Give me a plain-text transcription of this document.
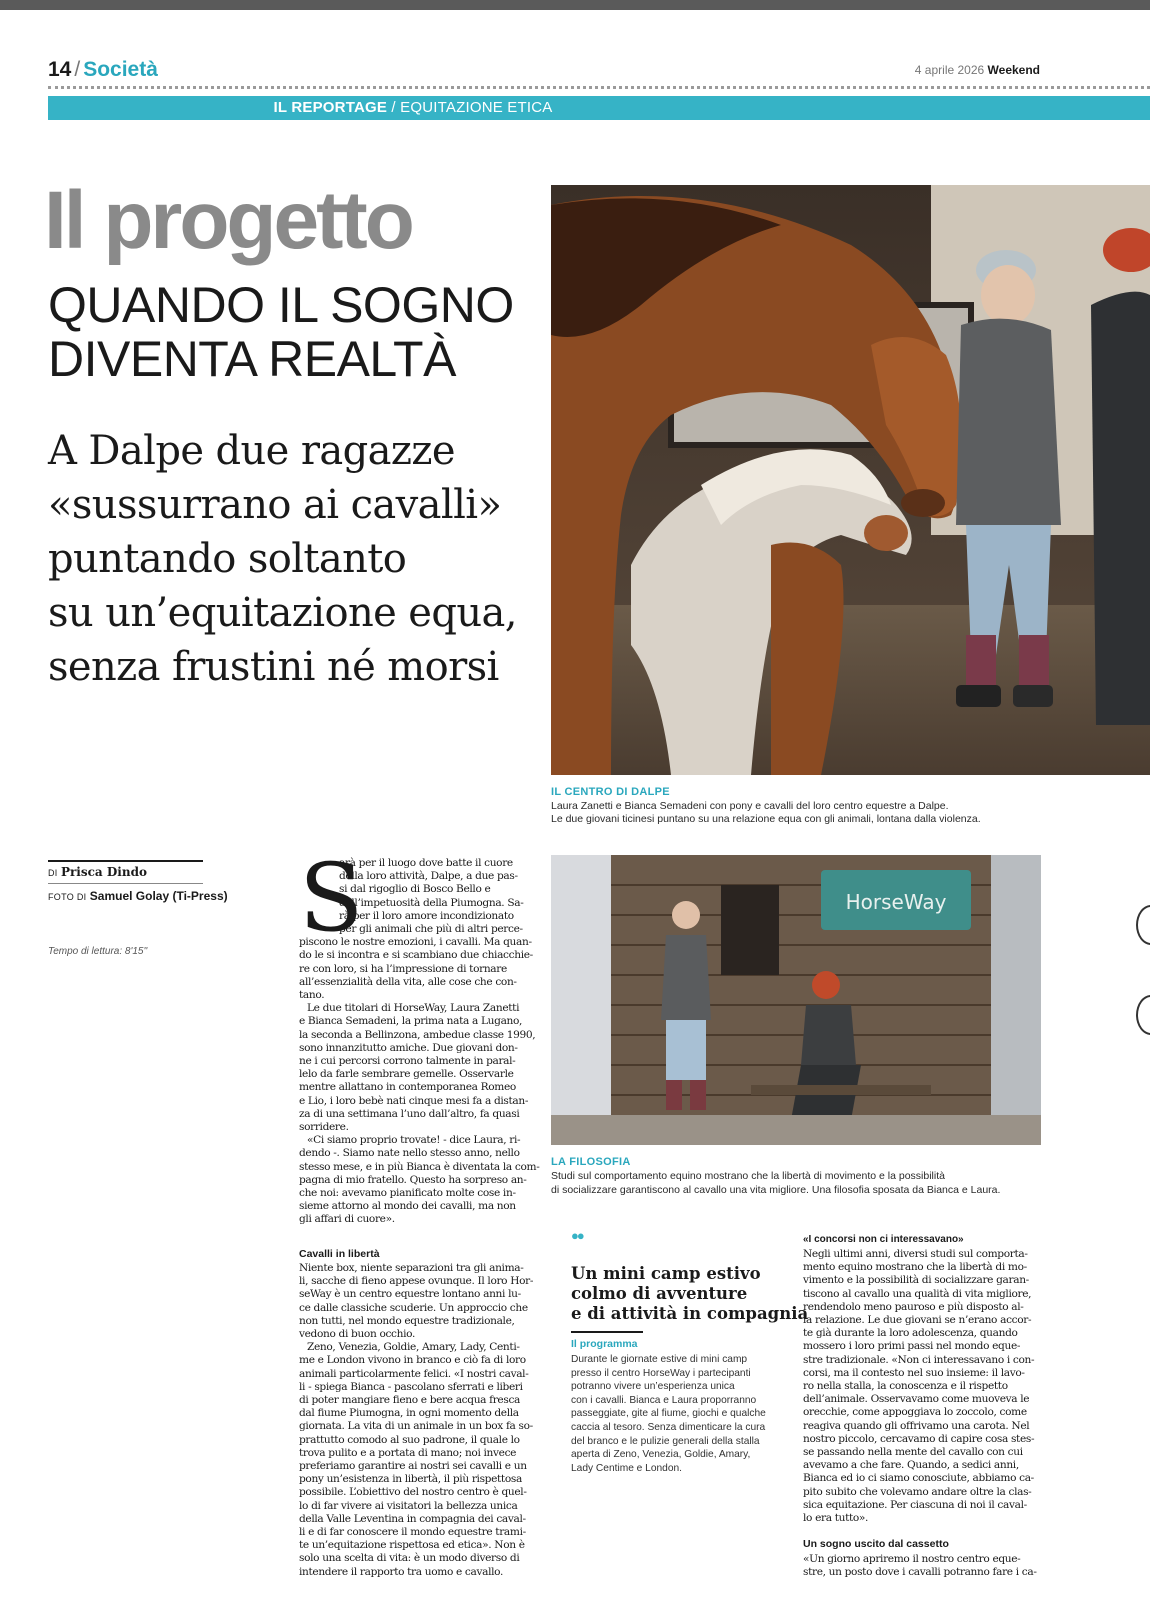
14 / Società	4 aprile 2026 Weekend
IL REPORTAGE / EQUITAZIONE ETICA
Il progetto
QUANDO IL SOGNO
DIVENTA REALTÀ
A Dalpe due ragazze
«sussurrano ai cavalli»
puntando soltanto
su un’equitazione equa,
senza frustini né morsi
IL CENTRO DI DALPE
Laura Zanetti e Bianca Semadeni con pony e cavalli del loro centro equestre a Dalpe.
Le due giovani ticinesi puntano su una relazione equa con gli animali, lontana dalla violenza.
DI Prisca Dindo
FOTO DI Samuel Golay (Ti-Press)
Tempo di lettura: 8'15'' S
arà per il luogo dove batte il cuore
della loro attività, Dalpe, a due pas-
si dal rigoglio di Bosco Bello e
dall’impetuosità della Piumogna. Sa-
rà per il loro amore incondizionato
per gli animali che più di altri perce-
piscono le nostre emozioni, i cavalli. Ma quan-
do le si incontra e si scambiano due chiacchie-
re con loro, si ha l’impressione di tornare
all’essenzialità della vita, alle cose che con-
tano.
Le due titolari di HorseWay, Laura Zanetti
e Bianca Semadeni, la prima nata a Lugano,
la seconda a Bellinzona, ambedue classe 1990,
sono innanzitutto amiche. Due giovani don-
ne i cui percorsi corrono talmente in paral-
lelo da farle sembrare gemelle. Osservarle
mentre allattano in contemporanea Romeo
e Lio, i loro bebè nati cinque mesi fa a distan-
za di una settimana l’uno dall’altro, fa quasi
sorridere.
«Ci siamo proprio trovate! - dice Laura, ri-
dendo -. Siamo nate nello stesso anno, nello
stesso mese, e in più Bianca è diventata la com-
pagna di mio fratello. Questo ha sorpreso an-
che noi: avevamo pianificato molte cose in-
sieme attorno al mondo dei cavalli, ma non
gli affari di cuore».
Cavalli in libertà
Niente box, niente separazioni tra gli anima-
li, sacche di fieno appese ovunque. Il loro Hor-
seWay è un centro equestre lontano anni lu-
ce dalle classiche scuderie. Un approccio che
non tutti, nel mondo equestre tradizionale,
vedono di buon occhio.
Zeno, Venezia, Goldie, Amary, Lady, Centi-
me e London vivono in branco e ciò fa di loro
animali particolarmente felici. «I nostri caval-
li - spiega Bianca - pascolano sferrati e liberi
di poter mangiare fieno e bere acqua fresca
dal fiume Piumogna, in ogni momento della
giornata. La vita di un animale in un box fa so-
prattutto comodo al suo padrone, il quale lo
trova pulito e a portata di mano; noi invece
preferiamo garantire ai nostri sei cavalli e un
pony un’esistenza in libertà, il più rispettosa
possibile. L’obiettivo del nostro centro è quel-
lo di far vivere ai visitatori la bellezza unica
della Valle Leventina in compagnia dei caval-
li e di far conoscere il mondo equestre trami-
te un’equitazione rispettosa ed etica». Non è
solo una scelta di vita: è un modo diverso di
intendere il rapporto tra uomo e cavallo.
HorseWay
LA FILOSOFIA
Studi sul comportamento equino mostrano che la libertà di movimento e la possibilità
di socializzare garantiscono al cavallo una vita migliore. Una filosofia sposata da Bianca e Laura.
●●
Un mini camp estivo
colmo di avventure
e di attività in compagnia
Il programma
Durante le giornate estive di mini camp
presso il centro HorseWay i partecipanti
potranno vivere un’esperienza unica
con i cavalli. Bianca e Laura proporranno
passeggiate, gite al fiume, giochi e qualche
caccia al tesoro. Senza dimenticare la cura
del branco e le pulizie generali della stalla
aperta di Zeno, Venezia, Goldie, Amary,
Lady Centime e London.
«I concorsi non ci interessavano»
Negli ultimi anni, diversi studi sul comporta-
mento equino mostrano che la libertà di mo-
vimento e la possibilità di socializzare garan-
tiscono al cavallo una qualità di vita migliore,
rendendolo meno pauroso e più disposto al-
la relazione. Le due giovani se n’erano accor-
te già durante la loro adolescenza, quando
mossero i loro primi passi nel mondo eque-
stre tradizionale. «Non ci interessavano i con-
corsi, ma il contesto nel suo insieme: il lavo-
ro nella stalla, la conoscenza e il rispetto
dell’animale. Osservavamo come muoveva le
orecchie, come appoggiava lo zoccolo, come
reagiva quando gli offrivamo una carota. Nel
nostro piccolo, cercavamo di capire cosa stes-
se passando nella mente del cavallo con cui
avevamo a che fare. Quando, a sedici anni,
Bianca ed io ci siamo conosciute, abbiamo ca-
pito subito che volevamo andare oltre la clas-
sica equitazione. Per ciascuna di noi il caval-
lo era tutto».
Un sogno uscito dal cassetto
«Un giorno apriremo il nostro centro eque-
stre, un posto dove i cavalli potranno fare i ca-
